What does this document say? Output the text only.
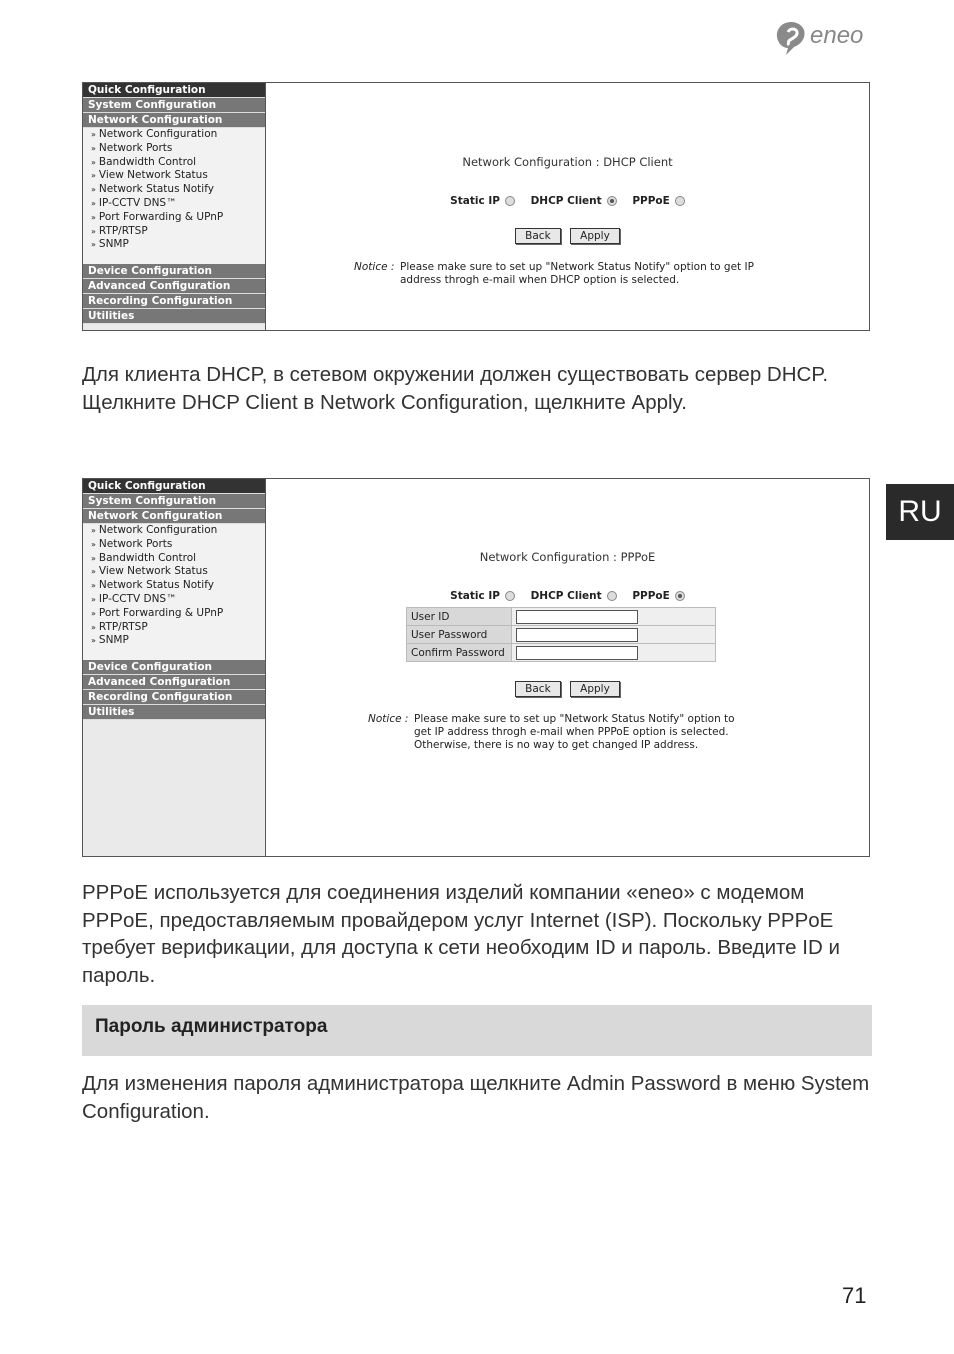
eneo
Quick Configuration
System Configuration
Network Configuration
» Network Configuration
» Network Ports
» Bandwidth Control
» View Network Status
» Network Status Notify
» IP-CCTV DNS™
» Port Forwarding & UPnP
» RTP/RTSP
» SNMP
Device Configuration
Advanced Configuration
Recording Configuration
Utilities
Network Configuration : DHCP Client
Static IP	DHCP Client	PPPoE
Back	Apply
Notice : Please make sure to set up "Network Status Notify" option to get IP address throgh e-mail when DHCP option is selected.
Для клиента DHCP, в сетевом окружении должен существовать сервер DHCP. Щелкните DHCP Client в Network Configuration, щелкните Apply.
RU
Quick Configuration
System Configuration
Network Configuration
» Network Configuration
» Network Ports
» Bandwidth Control
» View Network Status
» Network Status Notify
» IP-CCTV DNS™
» Port Forwarding & UPnP
» RTP/RTSP
» SNMP
Device Configuration
Advanced Configuration
Recording Configuration
Utilities
Network Configuration : PPPoE
Static IP	DHCP Client	PPPoE
User ID	
User Password	
Confirm Password	
Back	Apply
Notice : Please make sure to set up "Network Status Notify" option to get IP address throgh e-mail when PPPoE option is selected.
Otherwise, there is no way to get changed IP address.
PPPoE используется для соединения изделий компании «eneo» с модемом PPPoE, предоставляемым провайдером услуг Internet (ISP). Поскольку PPPoE требует верификации, для доступа к сети необходим ID и пароль. Введите ID и пароль.
Пароль администратора
Для изменения пароля администратора щелкните Admin Password в меню System Configuration.
71
